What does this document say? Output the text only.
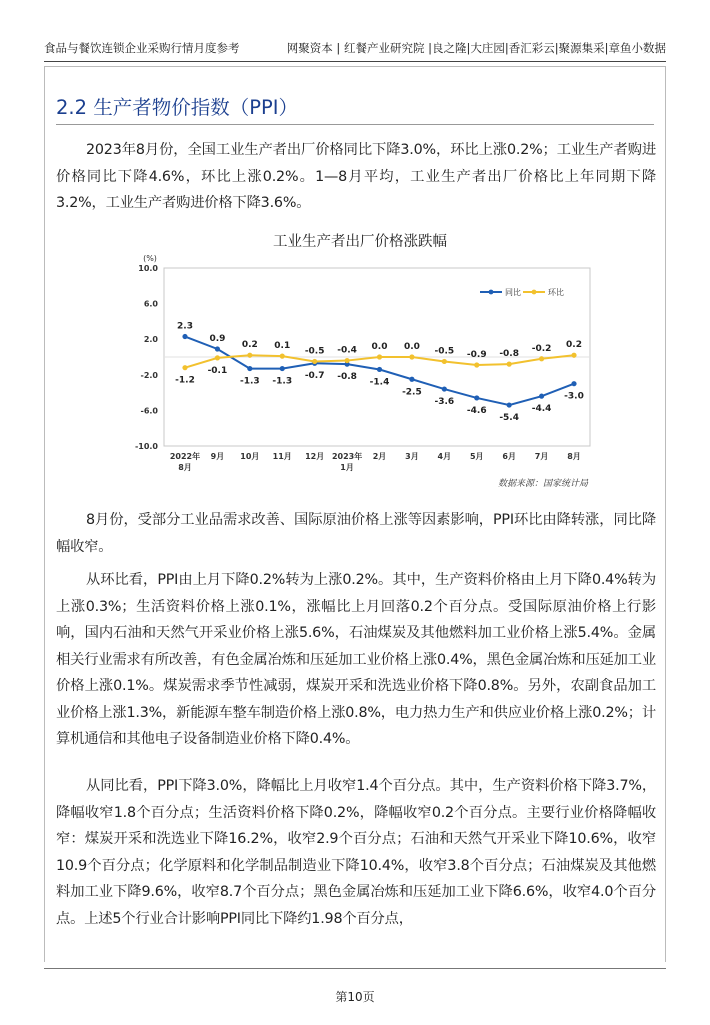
食品与餐饮连锁企业采购行情月度参考	网聚资本 | 红餐产业研究院 |良之隆|大庄园|香汇彩云|聚源集采|章鱼小数据
2.2 生产者物价指数（PPI）

2023年8月份，全国工业生产者出厂价格同比下降3.0%，环比上涨0.2%；工业生产者购进价格同比下降4.6%，环比上涨0.2%。1—8月平均，工业生产者出厂价格比上年同期下降3.2%，工业生产者购进价格下降3.6%。

工业生产者出厂价格涨跌幅
(%)
10.0
6.0
2.0
-2.0
-6.0
-10.0
2022年
8月
9月 10月 11月 12月 2023年
1月
2月 3月 4月 5月 6月 7月 8月
2.3
0.9
-1.3 -1.3
-0.7 -0.8
-1.4
-2.5
-3.6
-4.6
-5.4
-4.4
-3.0
-1.2
-0.1
0.2 0.1
-0.5 -0.4 0.0 0.0 -0.5 -0.9 -0.8
-0.2 0.2
同比	环比
数据来源：国家统计局

8月份，受部分工业品需求改善、国际原油价格上涨等因素影响，PPI环比由降转涨，同比降幅收窄。

从环比看，PPI由上月下降0.2%转为上涨0.2%。其中，生产资料价格由上月下降0.4%转为上涨0.3%；生活资料价格上涨0.1%，涨幅比上月回落0.2个百分点。受国际原油价格上行影响，国内石油和天然气开采业价格上涨5.6%，石油煤炭及其他燃料加工业价格上涨5.4%。金属相关行业需求有所改善，有色金属冶炼和压延加工业价格上涨0.4%，黑色金属冶炼和压延加工业价格上涨0.1%。煤炭需求季节性减弱，煤炭开采和洗选业价格下降0.8%。另外，农副食品加工业价格上涨1.3%，新能源车整车制造价格上涨0.8%，电力热力生产和供应业价格上涨0.2%；计算机通信和其他电子设备制造业价格下降0.4%。

从同比看，PPI下降3.0%，降幅比上月收窄1.4个百分点。其中，生产资料价格下降3.7%，降幅收窄1.8个百分点；生活资料价格下降0.2%，降幅收窄0.2个百分点。主要行业价格降幅收窄：煤炭开采和洗选业下降16.2%，收窄2.9个百分点；石油和天然气开采业下降10.6%，收窄10.9个百分点；化学原料和化学制品制造业下降10.4%，收窄3.8个百分点；石油煤炭及其他燃料加工业下降9.6%，收窄8.7个百分点；黑色金属冶炼和压延加工业下降6.6%，收窄4.0个百分点。上述5个行业合计影响PPI同比下降约1.98个百分点，

第10页
